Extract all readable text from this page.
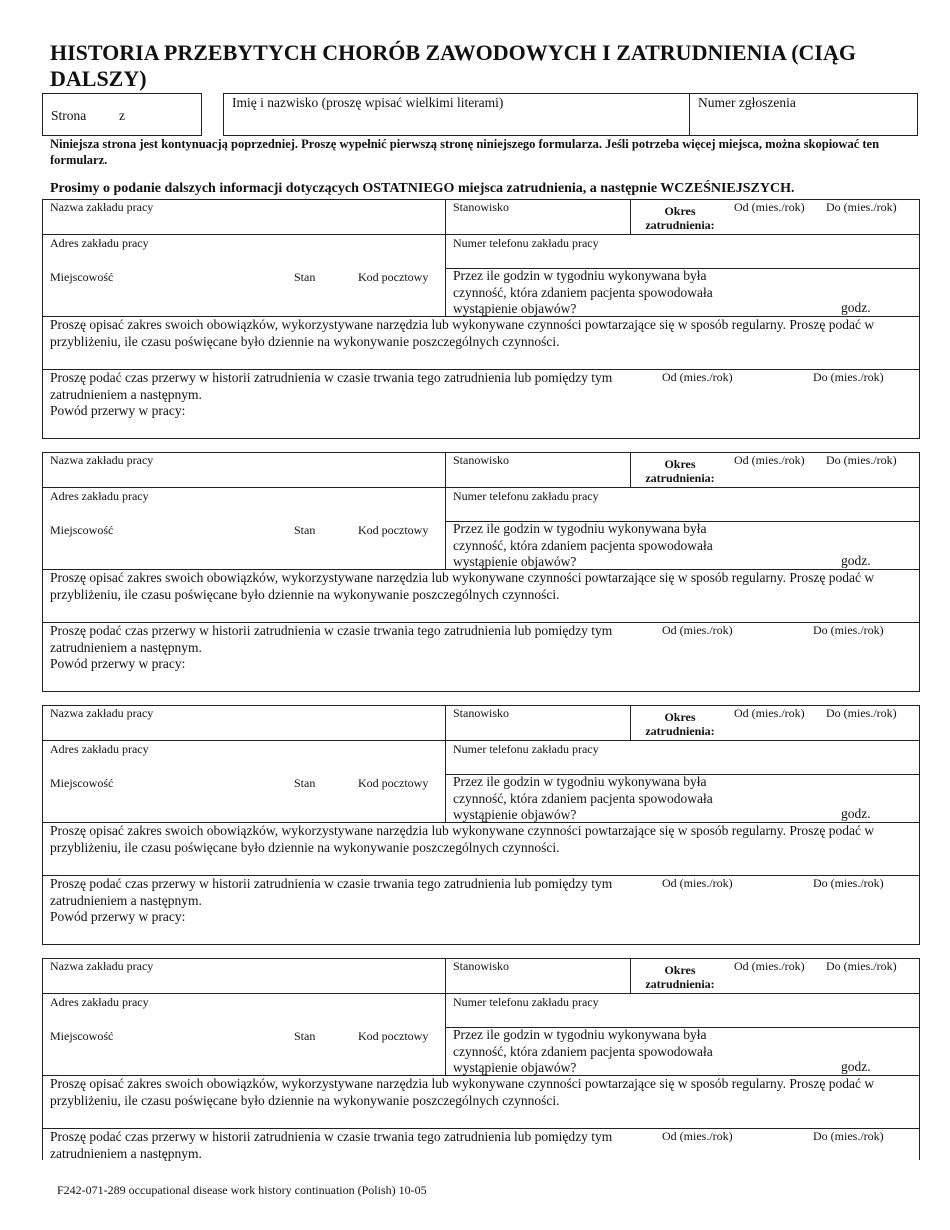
HISTORIA PRZEBYTYCH CHORÓB ZAWODOWYCH I ZATRUDNIENIA (CIĄG DALSZY)
Strona z
Imię i nazwisko (proszę wpisać wielkimi literami)	Numer zgłoszenia
Niniejsza strona jest kontynuacją poprzedniej. Proszę wypełnić pierwszą stronę niniejszego formularza. Jeśli potrzeba więcej miejsca, można skopiować ten formularz.
Prosimy o podanie dalszych informacji dotyczących OSTATNIEGO miejsca zatrudnienia, a następnie WCZEŚNIEJSZYCH.
Nazwa zakładu pracy	Stanowisko	Okres zatrudnienia:
Od (mies./rok) Do (mies./rok)
Adres zakładu pracy	Numer telefonu zakładu pracy
Miejscowość	Stan	Kod pocztowy Przez ile godzin w tygodniu wykonywana była czynność, która zdaniem pacjenta spowodowała wystąpienie objawów?	godz.
Proszę opisać zakres swoich obowiązków, wykorzystywane narzędzia lub wykonywane czynności powtarzające się w sposób regularny. Proszę podać w przybliżeniu, ile czasu poświęcane było dziennie na wykonywanie poszczególnych czynności.
Proszę podać czas przerwy w historii zatrudnienia w czasie trwania tego zatrudnienia lub pomiędzy tym zatrudnieniem a następnym.
Od (mies./rok)	Do (mies./rok)
Powód przerwy w pracy:
Nazwa zakładu pracy	Stanowisko	Okres zatrudnienia:
Od (mies./rok) Do (mies./rok)
Adres zakładu pracy	Numer telefonu zakładu pracy
Miejscowość	Stan	Kod pocztowy Przez ile godzin w tygodniu wykonywana była czynność, która zdaniem pacjenta spowodowała wystąpienie objawów?	godz.
Proszę opisać zakres swoich obowiązków, wykorzystywane narzędzia lub wykonywane czynności powtarzające się w sposób regularny. Proszę podać w przybliżeniu, ile czasu poświęcane było dziennie na wykonywanie poszczególnych czynności.
Proszę podać czas przerwy w historii zatrudnienia w czasie trwania tego zatrudnienia lub pomiędzy tym zatrudnieniem a następnym.
Od (mies./rok)	Do (mies./rok)
Powód przerwy w pracy:
Nazwa zakładu pracy	Stanowisko	Okres zatrudnienia:
Od (mies./rok) Do (mies./rok)
Adres zakładu pracy	Numer telefonu zakładu pracy
Miejscowość	Stan	Kod pocztowy Przez ile godzin w tygodniu wykonywana była czynność, która zdaniem pacjenta spowodowała wystąpienie objawów?	godz.
Proszę opisać zakres swoich obowiązków, wykorzystywane narzędzia lub wykonywane czynności powtarzające się w sposób regularny. Proszę podać w przybliżeniu, ile czasu poświęcane było dziennie na wykonywanie poszczególnych czynności.
Proszę podać czas przerwy w historii zatrudnienia w czasie trwania tego zatrudnienia lub pomiędzy tym zatrudnieniem a następnym.
Od (mies./rok)	Do (mies./rok)
Powód przerwy w pracy:
Nazwa zakładu pracy	Stanowisko	Okres zatrudnienia:
Od (mies./rok) Do (mies./rok)
Adres zakładu pracy	Numer telefonu zakładu pracy
Miejscowość	Stan	Kod pocztowy Przez ile godzin w tygodniu wykonywana była czynność, która zdaniem pacjenta spowodowała wystąpienie objawów?	godz.
Proszę opisać zakres swoich obowiązków, wykorzystywane narzędzia lub wykonywane czynności powtarzające się w sposób regularny. Proszę podać w przybliżeniu, ile czasu poświęcane było dziennie na wykonywanie poszczególnych czynności.
Proszę podać czas przerwy w historii zatrudnienia w czasie trwania tego zatrudnienia lub pomiędzy tym zatrudnieniem a następnym.
Od (mies./rok)	Do (mies./rok)
F242-071-289 occupational disease work history continuation (Polish) 10-05
